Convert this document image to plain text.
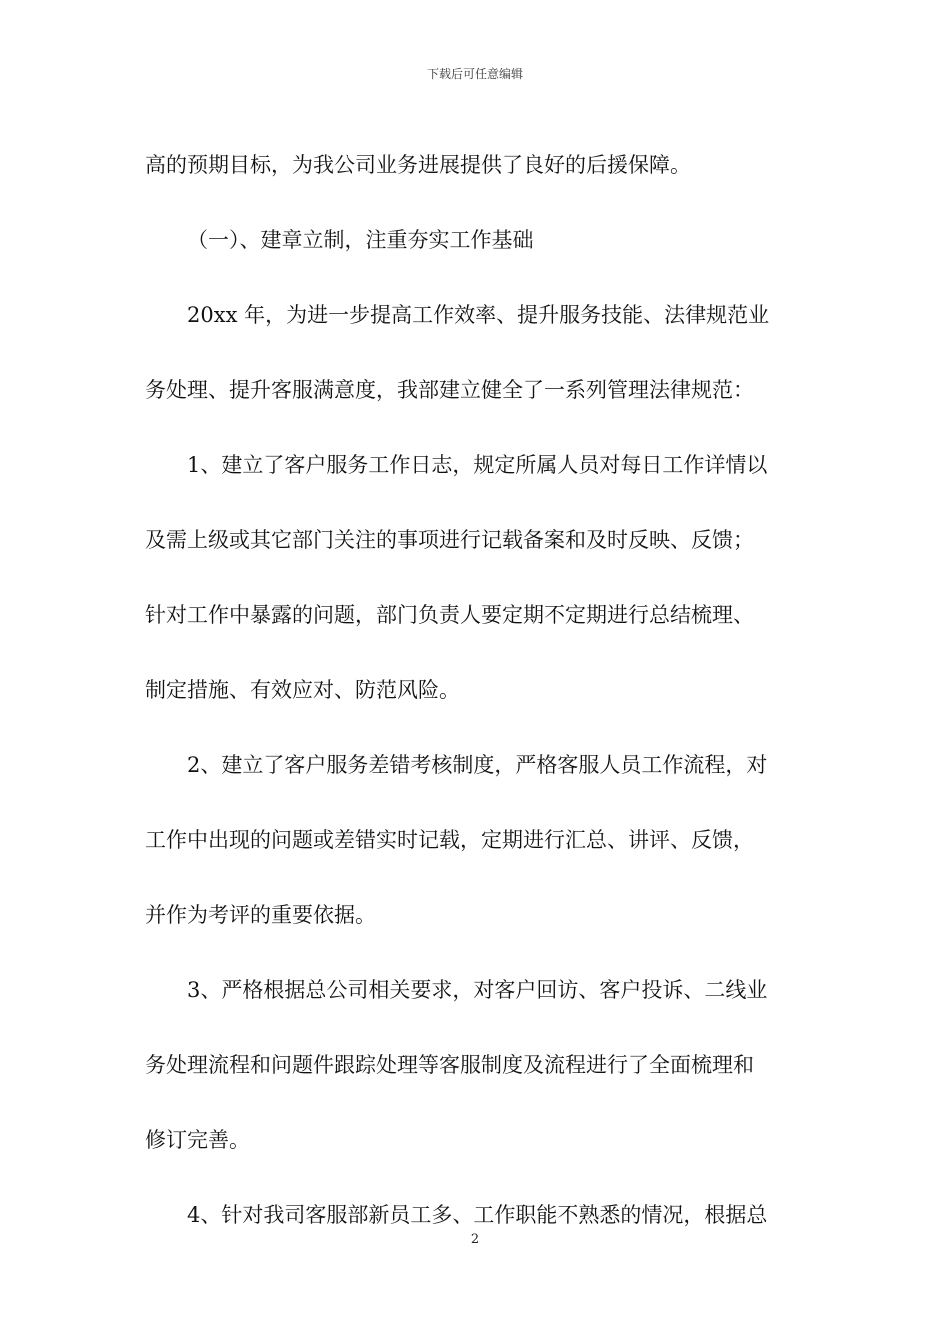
下载后可任意编辑

高的预期目标，为我公司业务进展提供了良好的后援保障。

（一）、建章立制，注重夯实工作基础

20xx 年，为进一步提高工作效率、提升服务技能、法律规范业

务处理、提升客服满意度，我部建立健全了一系列管理法律规范：

1、建立了客户服务工作日志，规定所属人员对每日工作详情以

及需上级或其它部门关注的事项进行记载备案和及时反映、反馈；

针对工作中暴露的问题，部门负责人要定期不定期进行总结梳理、

制定措施、有效应对、防范风险。

2、建立了客户服务差错考核制度，严格客服人员工作流程，对

工作中出现的问题或差错实时记载，定期进行汇总、讲评、反馈，

并作为考评的重要依据。

3、严格根据总公司相关要求，对客户回访、客户投诉、二线业

务处理流程和问题件跟踪处理等客服制度及流程进行了全面梳理和

修订完善。

4、针对我司客服部新员工多、工作职能不熟悉的情况，根据总

2
